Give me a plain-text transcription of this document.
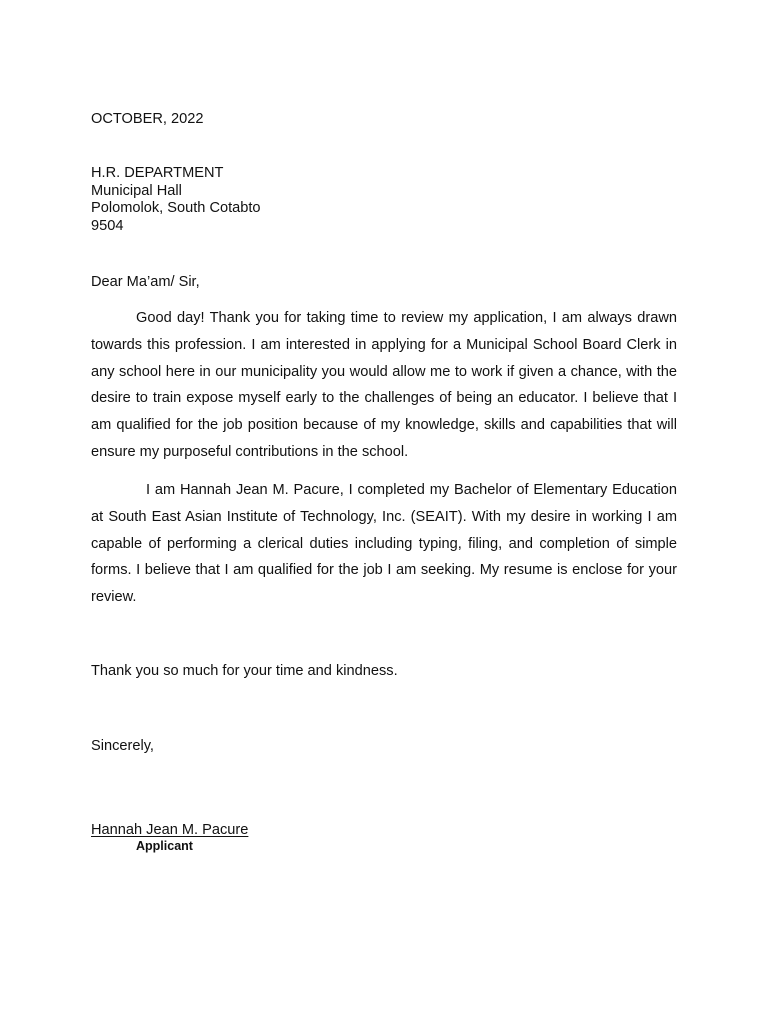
OCTOBER, 2022
H.R. DEPARTMENT
Municipal Hall
Polomolok, South Cotabto
9504
Dear Ma’am/ Sir,

Good day! Thank you for taking time to review my application, I am always drawn towards this profession. I am interested in applying for a Municipal School Board Clerk in any school here in our municipality you would allow me to work if given a chance, with the desire to train expose myself early to the challenges of being an educator. I believe that I am qualified for the job position because of my knowledge, skills and capabilities that will ensure my purposeful contributions in the school.

I am Hannah Jean M. Pacure, I completed my Bachelor of Elementary Education at South East Asian Institute of Technology, Inc. (SEAIT). With my desire in working I am capable of performing a clerical duties including typing, filing, and completion of simple forms. I believe that I am qualified for the job I am seeking. My resume is enclose for your review.

Thank you so much for your time and kindness.
Sincerely,
Hannah Jean M. Pacure
Applicant
